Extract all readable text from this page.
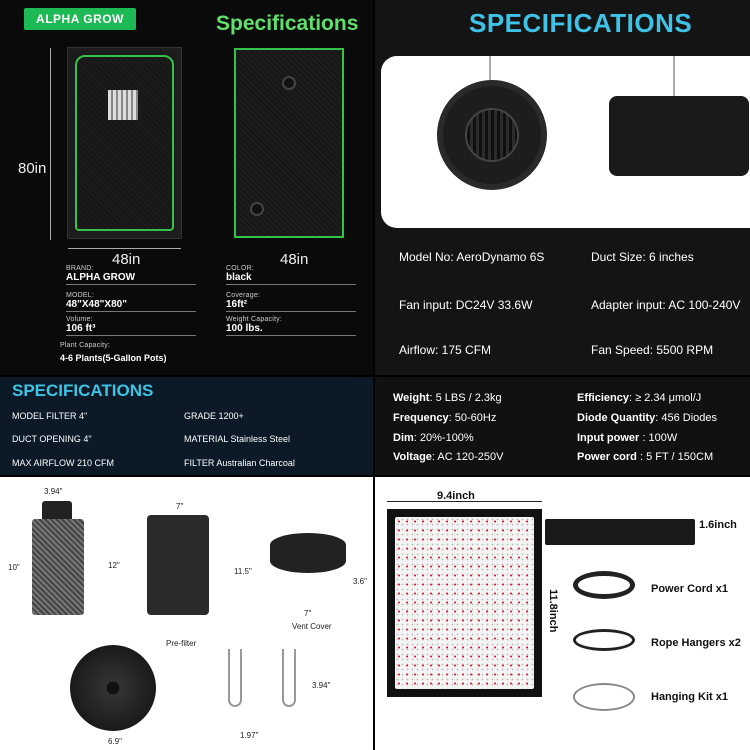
ALPHA GROW	Specifications
80in
48in	48in
BRAND:
ALPHA GROW
COLOR:
black
MODEL:
48"X48"X80"
Coverage:
16ft²
Volume:
106 ft³
Weight Capacity:
100 lbs.
Plant Capacity:
4-6 Plants(5-Gallon Pots)
SPECIFICATIONS
Model No: AeroDynamo 6S	Duct Size: 6 inches
Fan input: DC24V 33.6W	Adapter input: AC 100-240V
Airflow: 175 CFM	Fan Speed: 5500 RPM
SPECIFICATIONS
MODEL FILTER 4"	GRADE 1200+
DUCT OPENING 4"	MATERIAL Stainless Steel
MAX AIRFLOW 210 CFM	FILTER Australian Charcoal
Weight: 5 LBS / 2.3kg
Frequency: 50-60Hz
Dim: 20%-100%
Voltage: AC 120-250V
Efficiency: ≥ 2.34 μmol/J
Diode Quantity: 456 Diodes
Input power : 100W
Power cord : 5 FT / 150CM
3.94"
10"	12"
7"
11.5"
Pre-filter
3.6"
7"
Vent Cover
6.9"
3.94"
1.97"
9.4inch
11.8inch
1.6inch
Power Cord x1
Rope Hangers x2
Hanging Kit x1
